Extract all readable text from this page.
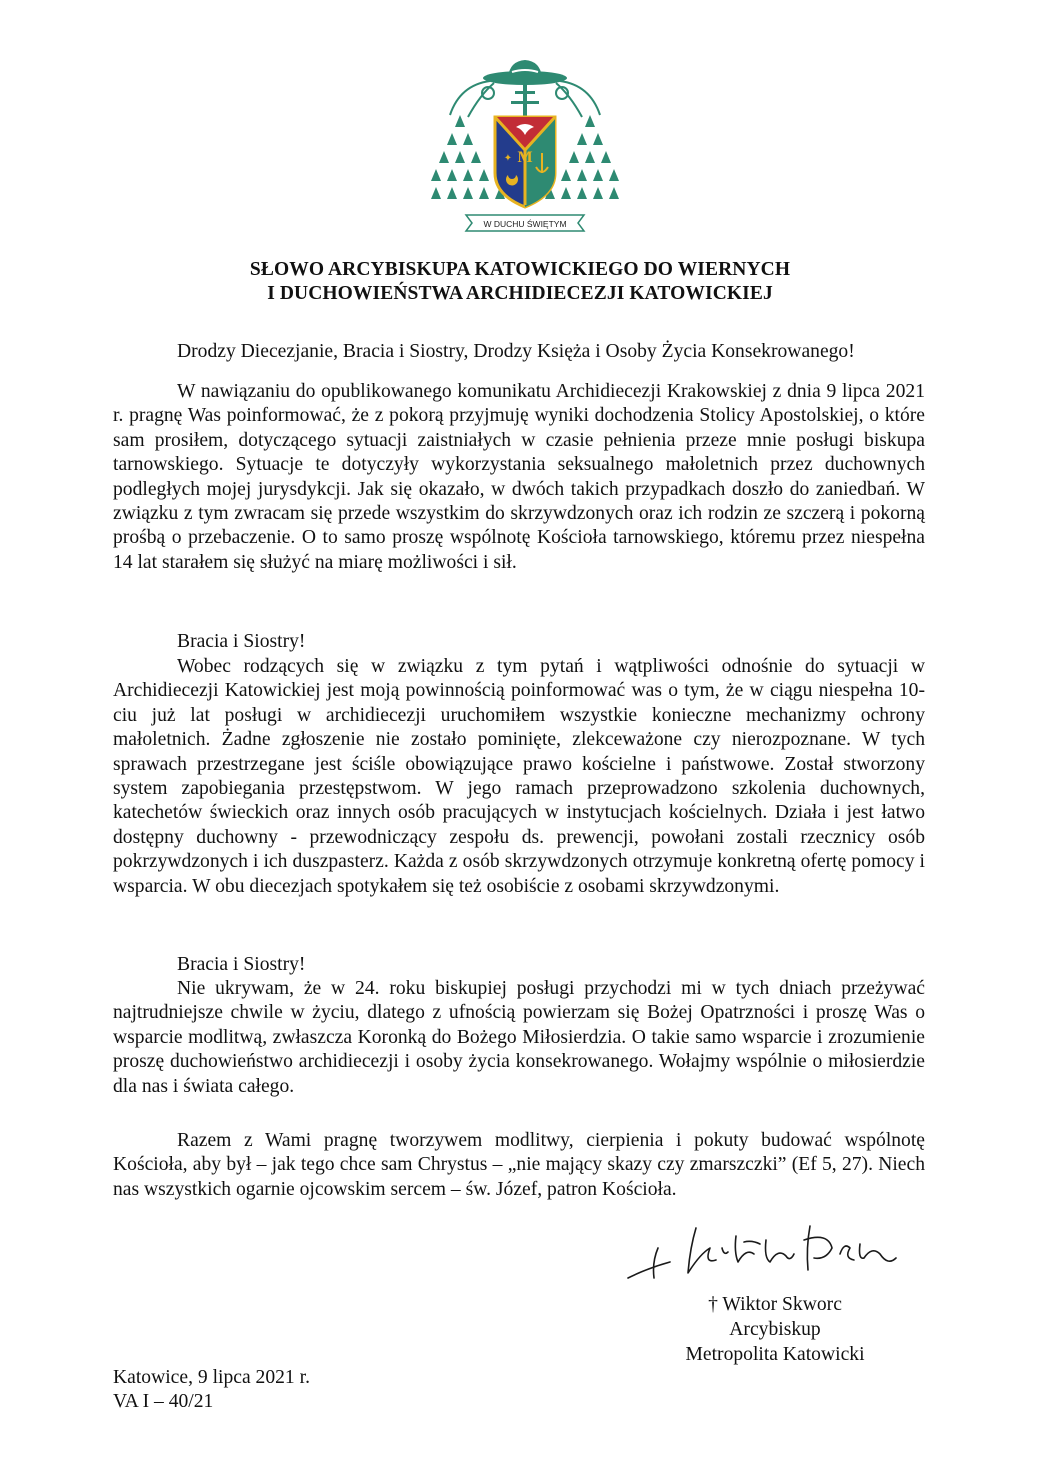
M
✦
W DUCHU ŚWIĘTYM
SŁOWO ARCYBISKUPA KATOWICKIEGO DO WIERNYCH
I DUCHOWIEŃSTWA ARCHIDIECEZJI KATOWICKIEJ
Drodzy Diecezjanie, Bracia i Siostry, Drodzy Księża i Osoby Życia Konsekrowanego!

W nawiązaniu do opublikowanego komunikatu Archidiecezji Krakowskiej z dnia 9 lipca 2021 r. pragnę Was poinformować, że z pokorą przyjmuję wyniki dochodzenia Stolicy Apostolskiej, o które sam prosiłem, dotyczącego sytuacji zaistniałych w czasie pełnienia przeze mnie posługi biskupa tarnowskiego. Sytuacje te dotyczyły wykorzystania seksualnego małoletnich przez duchownych podległych mojej jurysdykcji. Jak się okazało, w dwóch takich przypadkach doszło do zaniedbań. W związku z tym zwracam się przede wszystkim do skrzywdzonych oraz ich rodzin ze szczerą i pokorną prośbą o przebaczenie. O to samo proszę wspólnotę Kościoła tarnowskiego, któremu przez niespełna 14 lat starałem się służyć na miarę możliwości i sił.

Bracia i Siostry!

Wobec rodzących się w związku z tym pytań i wątpliwości odnośnie do sytuacji w Archidiecezji Katowickiej jest moją powinnością poinformować was o tym, że w ciągu niespełna 10-ciu już lat posługi w archidiecezji uruchomiłem wszystkie konieczne mechanizmy ochrony małoletnich. Żadne zgłoszenie nie zostało pominięte, zlekceważone czy nierozpoznane. W tych sprawach przestrzegane jest ściśle obowiązujące prawo kościelne i państwowe. Został stworzony system zapobiegania przestępstwom. W jego ramach przeprowadzono szkolenia duchownych, katechetów świeckich oraz innych osób pracujących w instytucjach kościelnych. Działa i jest łatwo dostępny duchowny - przewodniczący zespołu ds. prewencji, powołani zostali rzecznicy osób pokrzywdzonych i ich duszpasterz. Każda z osób skrzywdzonych otrzymuje konkretną ofertę pomocy i wsparcia. W obu diecezjach spotykałem się też osobiście z osobami skrzywdzonymi.

Bracia i Siostry!

Nie ukrywam, że w 24. roku biskupiej posługi przychodzi mi w tych dniach przeżywać najtrudniejsze chwile w życiu, dlatego z ufnością powierzam się Bożej Opatrzności i proszę Was o wsparcie modlitwą, zwłaszcza Koronką do Bożego Miłosierdzia. O takie samo wsparcie i zrozumienie proszę duchowieństwo archidiecezji i osoby życia konsekrowanego. Wołajmy wspólnie o miłosierdzie dla nas i świata całego.

Razem z Wami pragnę tworzywem modlitwy, cierpienia i pokuty budować wspólnotę Kościoła, aby był – jak tego chce sam Chrystus – „nie mający skazy czy zmarszczki” (Ef 5, 27). Niech nas wszystkich ogarnie ojcowskim sercem – św. Józef, patron Kościoła.

† Wiktor Skworc
Arcybiskup
Metropolita Katowicki
Katowice, 9 lipca 2021 r.
VA I – 40/21
